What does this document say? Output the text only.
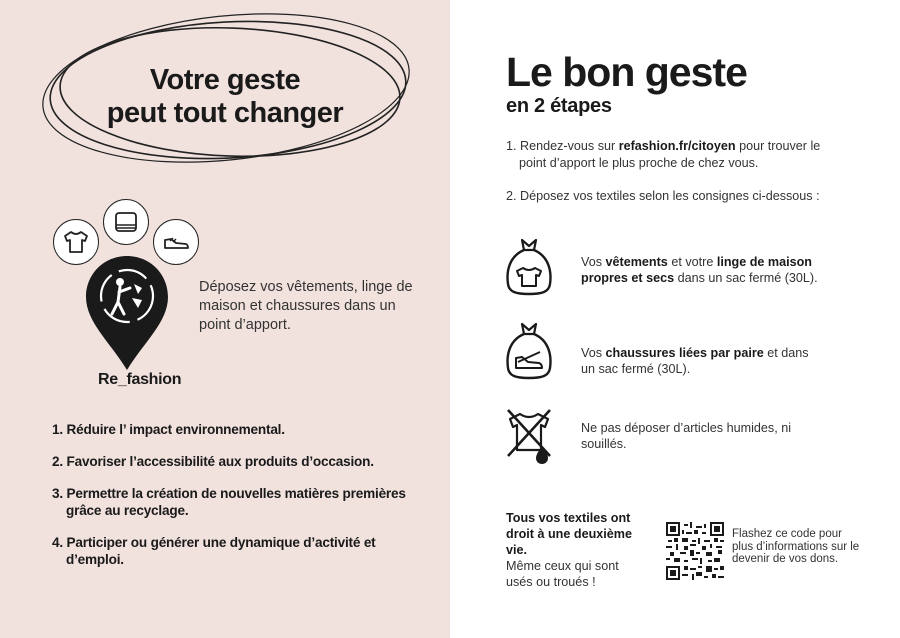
Votre geste
peut tout changer
Re_fashion
Déposez vos vêtements, linge de maison et chaussures dans un point d’apport.
1. Réduire l’ impact environnemental.
2. Favoriser l’accessibilité aux produits d’occasion.
3. Permettre la création de nouvelles matières premières grâce au recyclage.
4. Participer ou générer une dynamique d’activité et d’emploi.
Le bon geste
en 2 étapes
1. Rendez-vous sur refashion.fr/citoyen pour trouver le point d’apport le plus proche de chez vous.
2. Déposez vos textiles selon les consignes ci-dessous :
Vos vêtements et votre linge de maison propres et secs dans un sac fermé (30L).
Vos chaussures liées par paire et dans un sac fermé (30L).
Ne pas déposer d’articles humides, ni souillés.
Tous vos textiles ont droit à une deuxième vie.
Même ceux qui sont usés ou troués !
Flashez ce code pour plus d’informations sur le devenir de vos dons.
